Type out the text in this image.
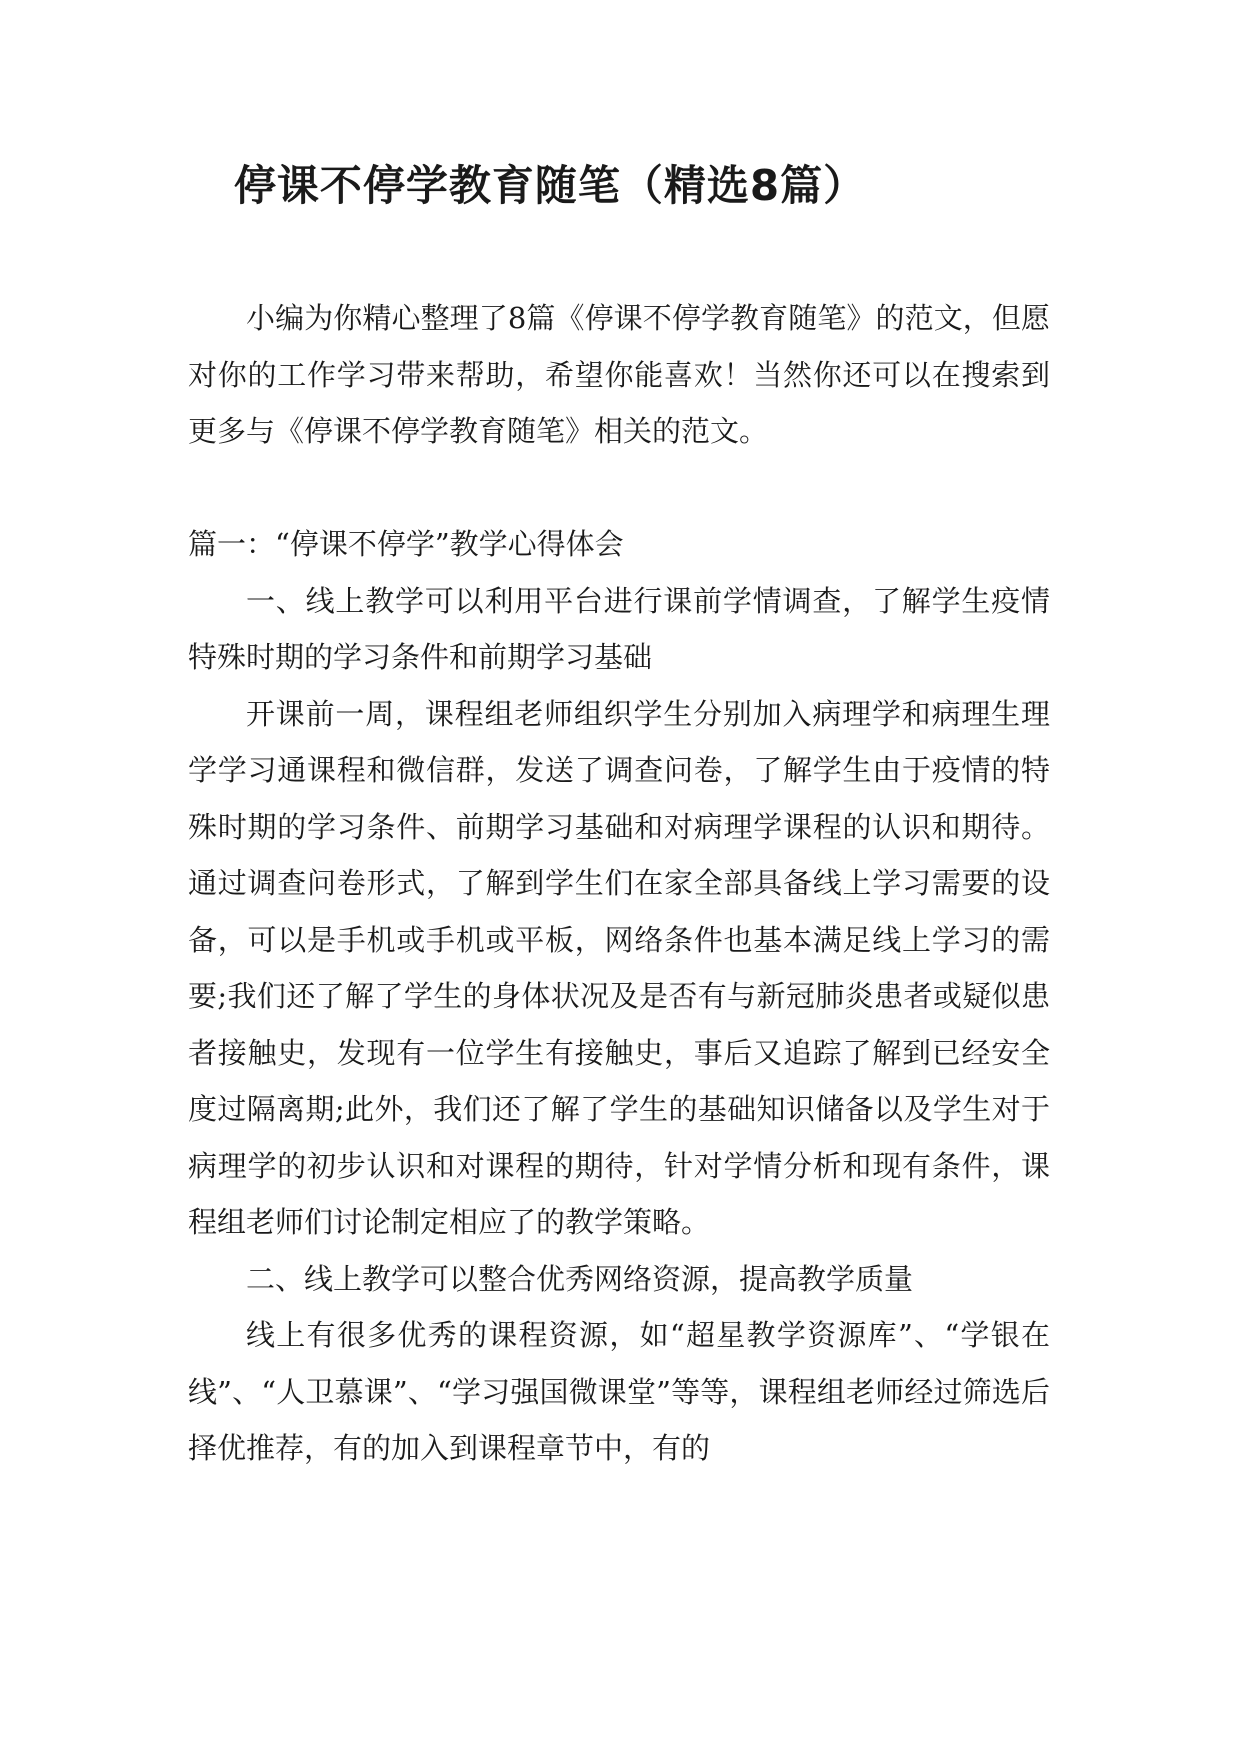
停课不停学教育随笔（精选8篇）

小编为你精心整理了8篇《停课不停学教育随笔》的范文，但愿对你的工作学习带来帮助，希望你能喜欢！当然你还可以在搜索到更多与《停课不停学教育随笔》相关的范文。

篇一：“停课不停学”教学心得体会

一、线上教学可以利用平台进行课前学情调查，了解学生疫情特殊时期的学习条件和前期学习基础

开课前一周，课程组老师组织学生分别加入病理学和病理生理学学习通课程和微信群，发送了调查问卷，了解学生由于疫情的特殊时期的学习条件、前期学习基础和对病理学课程的认识和期待。通过调查问卷形式，了解到学生们在家全部具备线上学习需要的设备，可以是手机或手机或平板，网络条件也基本满足线上学习的需要;我们还了解了学生的身体状况及是否有与新冠肺炎患者或疑似患者接触史，发现有一位学生有接触史，事后又追踪了解到已经安全度过隔离期;此外，我们还了解了学生的基础知识储备以及学生对于病理学的初步认识和对课程的期待，针对学情分析和现有条件，课程组老师们讨论制定相应了的教学策略。

二、线上教学可以整合优秀网络资源，提高教学质量

线上有很多优秀的课程资源，如“超星教学资源库”、“学银在线”、“人卫慕课”、“学习强国微课堂”等等，课程组老师经过筛选后择优推荐，有的加入到课程章节中，有的
